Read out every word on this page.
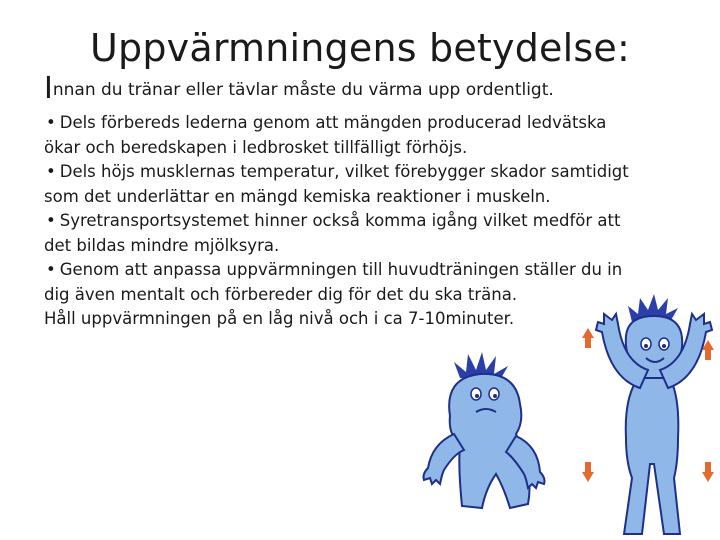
Uppvärmningens betydelse:
Innan du tränar eller tävlar måste du värma upp ordentligt.

• Dels förbereds lederna genom att mängden producerad ledvätska
ökar och beredskapen i ledbrosket tillfälligt förhöjs.

• Dels höjs musklernas temperatur, vilket förebygger skador samtidigt
som det underlättar en mängd kemiska reaktioner i muskeln.

• Syretransportsystemet hinner också komma igång vilket medför att
det bildas mindre mjölksyra.

• Genom att anpassa uppvärmningen till huvudträningen ställer du in
dig även mentalt och förbereder dig för det du ska träna.

Håll uppvärmningen på en låg nivå och i ca 7-10minuter.
